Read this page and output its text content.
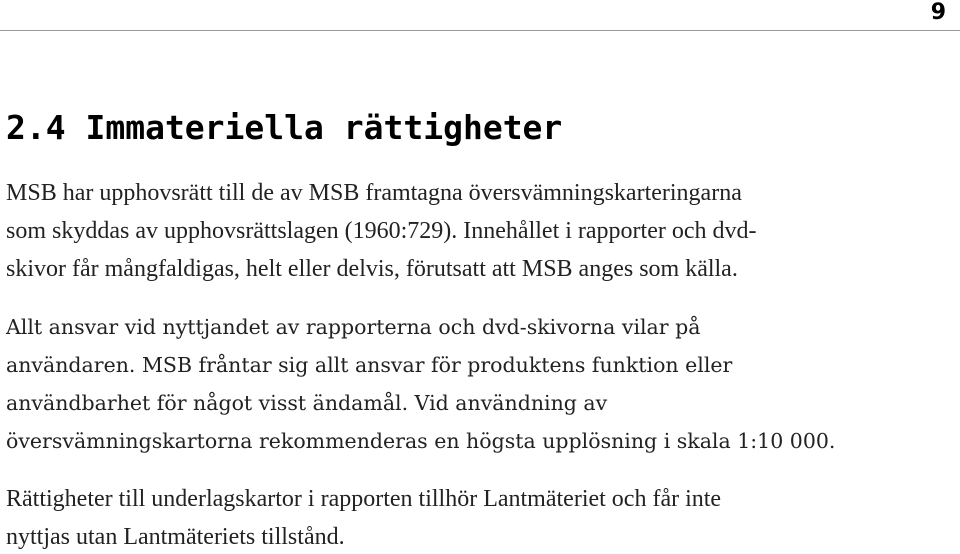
9
2.4 Immateriella rättigheter

MSB har upphovsrätt till de av MSB framtagna översvämningskarteringarna
som skyddas av upphovsrättslagen (1960:729). Innehållet i rapporter och dvd-
skivor får mångfaldigas, helt eller delvis, förutsatt att MSB anges som källa.

Allt ansvar vid nyttjandet av rapporterna och dvd-skivorna vilar på
användaren. MSB fråntar sig allt ansvar för produktens funktion eller
användbarhet för något visst ändamål. Vid användning av
översvämningskartorna rekommenderas en högsta upplösning i skala 1:10 000.

Rättigheter till underlagskartor i rapporten tillhör Lantmäteriet och får inte
nyttjas utan Lantmäteriets tillstånd.
